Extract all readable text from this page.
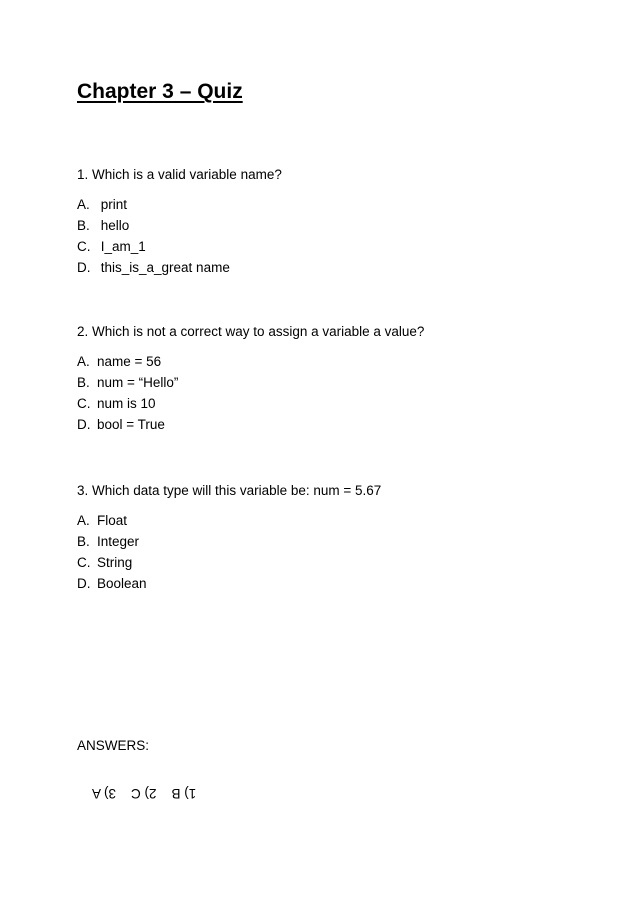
Chapter 3 – Quiz

1. Which is a valid variable name?

A. print
B. hello
C. I_am_1
D. this_is_a_great name

2. Which is not a correct way to assign a variable a value?

A. name = 56
B. num = “Hello”
C. num is 10
D. bool = True

3. Which data type will this variable be: num = 5.67

A. Float
B. Integer
C. String
D. Boolean

ANSWERS:

1) B    2) C    3) A
